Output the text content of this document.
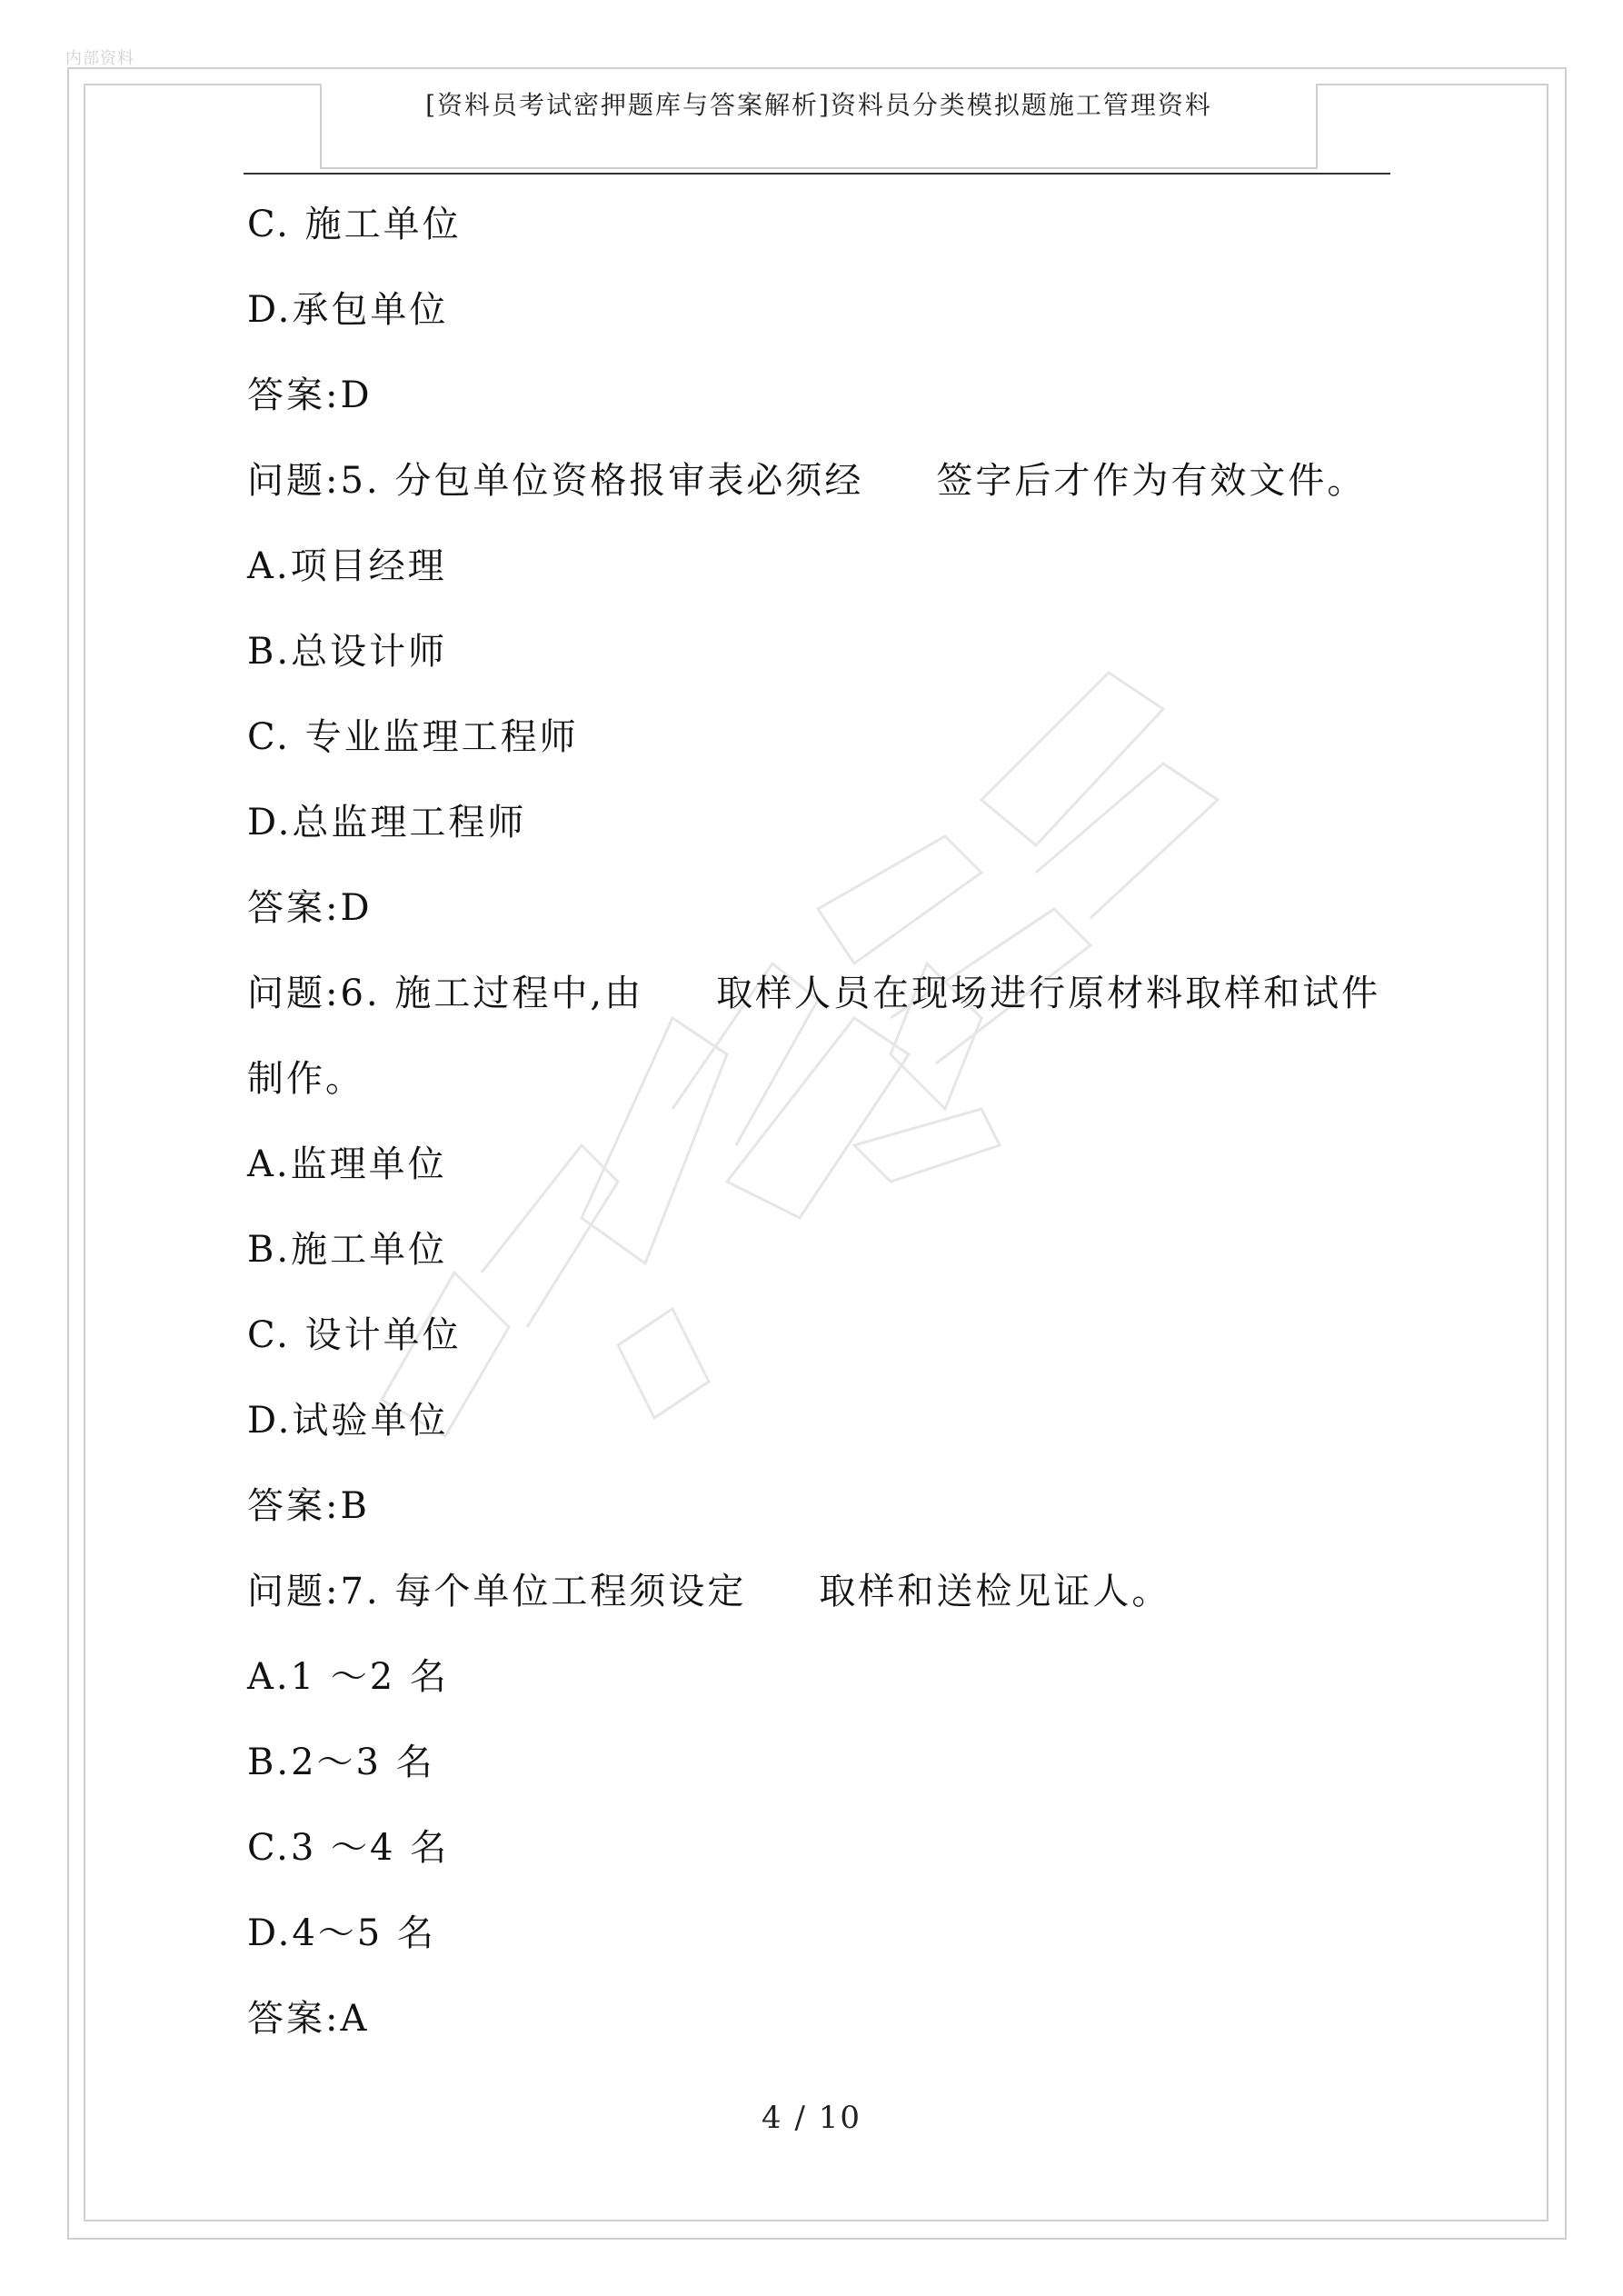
内部资料
[资料员考试密押题库与答案解析]资料员分类模拟题施工管理资料
C. 施工单位
D.承包单位
答案:D
问题:5. 分包单位资格报审表必须经 签字后才作为有效文件。
A.项目经理
B.总设计师
C. 专业监理工程师
D.总监理工程师
答案:D
问题:6. 施工过程中,由 取样人员在现场进行原材料取样和试件
制作。
A.监理单位
B.施工单位
C. 设计单位
D.试验单位
答案:B
问题:7. 每个单位工程须设定 取样和送检见证人。
A.1 ～2 名
B.2～3 名
C.3 ～4 名
D.4～5 名
答案:A
4 / 10
